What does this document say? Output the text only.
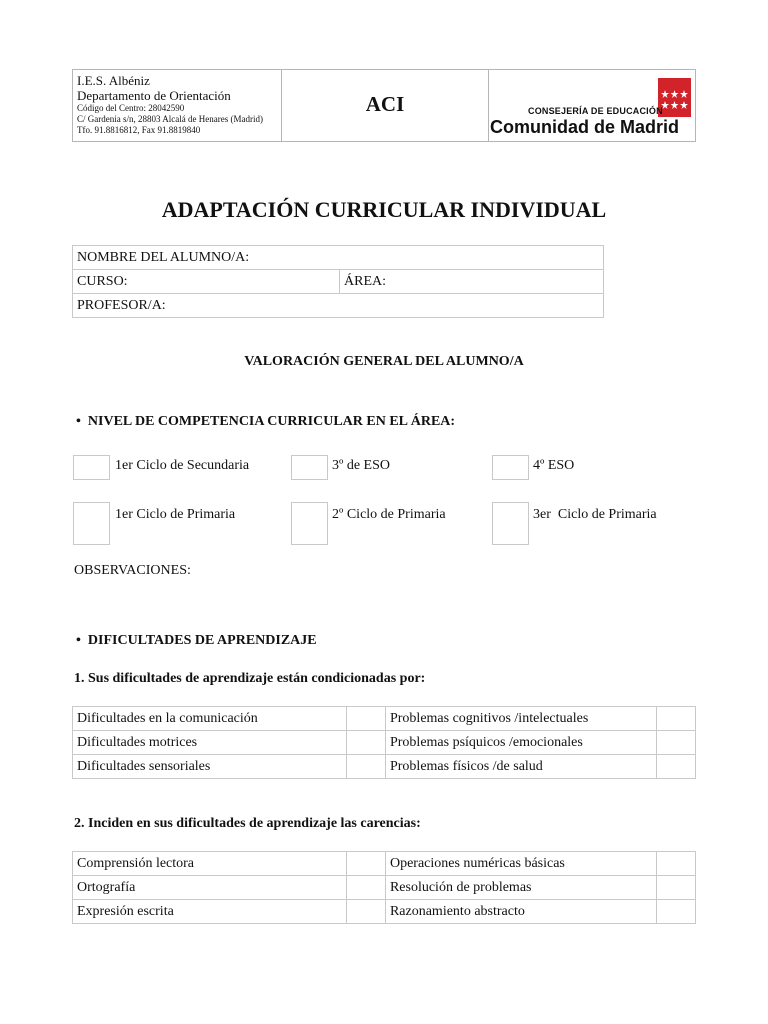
I.E.S. Albéniz
Departamento de Orientación
Código del Centro: 28042590
C/ Gardenia s/n, 28803 Alcalá de Henares (Madrid)
Tfo. 91.8816812, Fax 91.8819840
ACI	CONSEJERÍA DE EDUCACIÓN
Comunidad de Madrid
ADAPTACIÓN CURRICULAR INDIVIDUAL
NOMBRE DEL ALUMNO/A:
CURSO:	ÁREA:
PROFESOR/A:
VALORACIÓN GENERAL DEL ALUMNO/A
•  NIVEL DE COMPETENCIA CURRICULAR EN EL ÁREA:
1er Ciclo de Secundaria	3º de ESO	4º ESO
1er Ciclo de Primaria	2º Ciclo de Primaria	3er  Ciclo de Primaria
OBSERVACIONES:
•  DIFICULTADES DE APRENDIZAJE
1. Sus dificultades de aprendizaje están condicionadas por:
Dificultades en la comunicación		Problemas cognitivos /intelectuales	
Dificultades motrices		Problemas psíquicos /emocionales	
Dificultades sensoriales		Problemas físicos /de salud	
2. Inciden en sus dificultades de aprendizaje las carencias:
Comprensión lectora		Operaciones numéricas básicas	
Ortografía		Resolución de problemas	
Expresión escrita		Razonamiento abstracto	
